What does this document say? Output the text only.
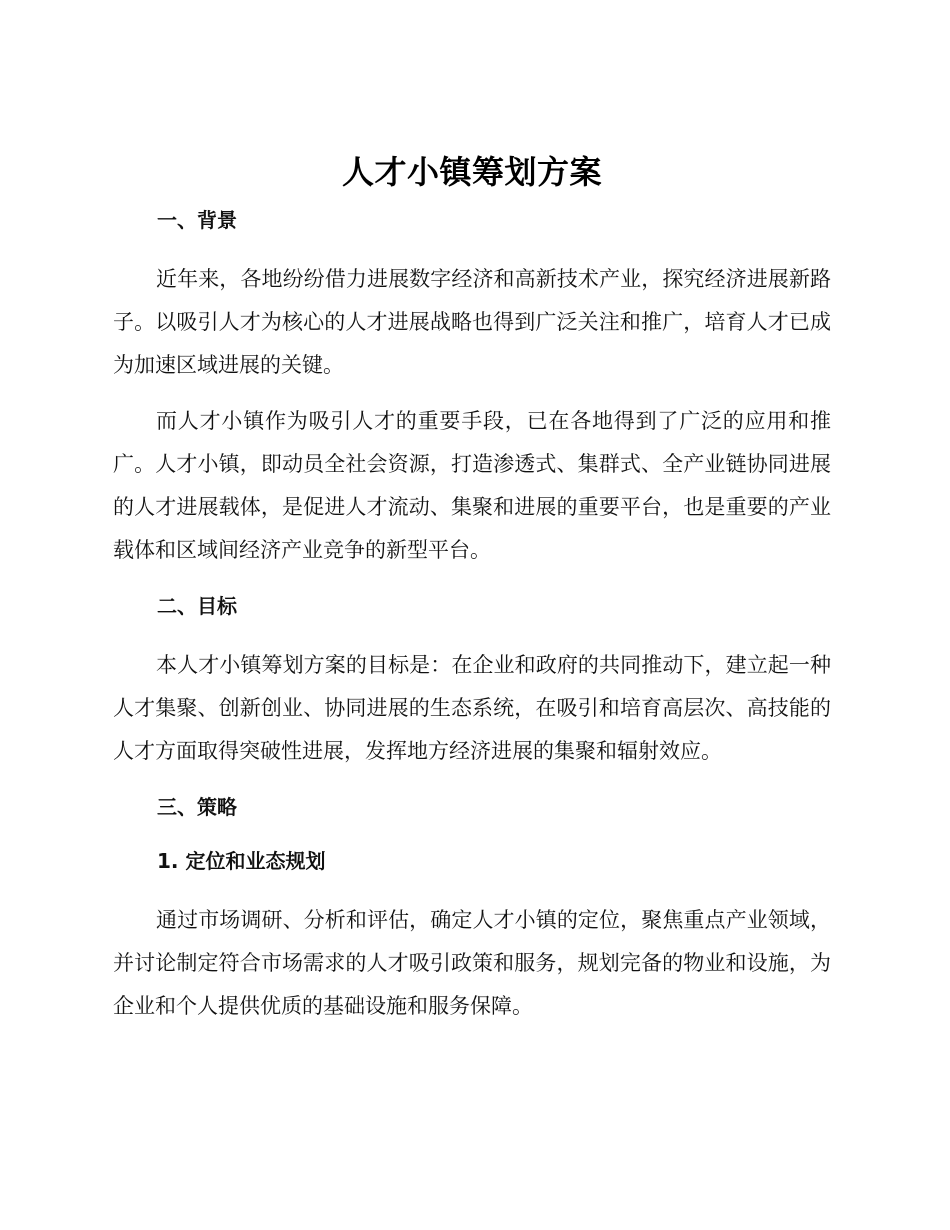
人才小镇筹划方案
一、背景

近年来，各地纷纷借力进展数字经济和高新技术产业，探究经济进展新路子。以吸引人才为核心的人才进展战略也得到广泛关注和推广，培育人才已成为加速区域进展的关键。

而人才小镇作为吸引人才的重要手段，已在各地得到了广泛的应用和推广。人才小镇，即动员全社会资源，打造渗透式、集群式、全产业链协同进展的人才进展载体，是促进人才流动、集聚和进展的重要平台，也是重要的产业载体和区域间经济产业竞争的新型平台。

二、目标

本人才小镇筹划方案的目标是：在企业和政府的共同推动下，建立起一种人才集聚、创新创业、协同进展的生态系统，在吸引和培育高层次、高技能的人才方面取得突破性进展，发挥地方经济进展的集聚和辐射效应。

三、策略
1. 定位和业态规划

通过市场调研、分析和评估，确定人才小镇的定位，聚焦重点产业领域，并讨论制定符合市场需求的人才吸引政策和服务，规划完备的物业和设施，为企业和个人提供优质的基础设施和服务保障。
